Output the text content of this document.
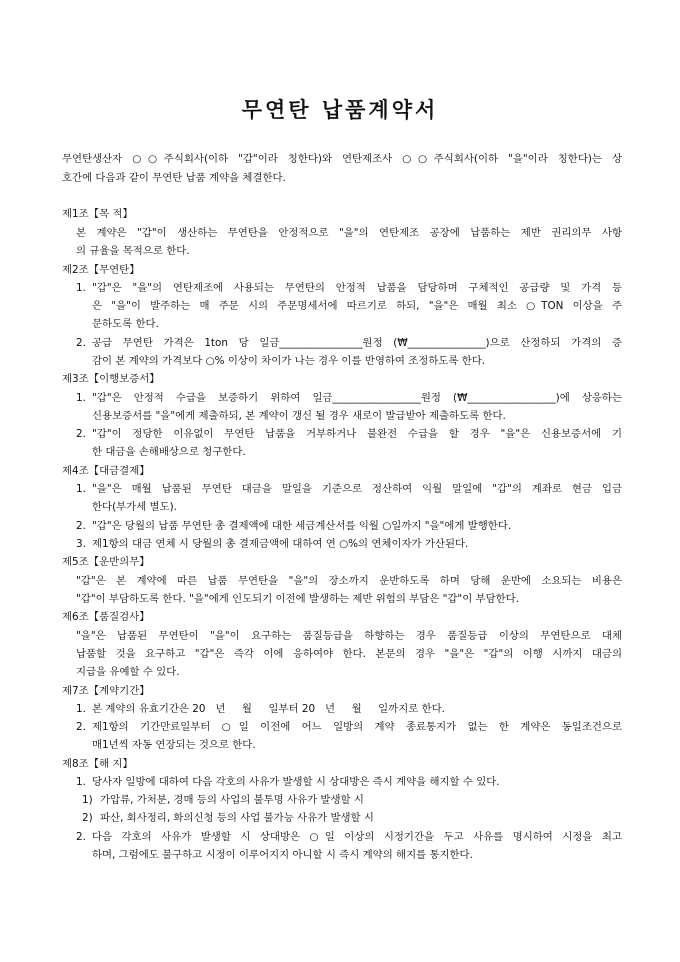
무연탄 납품계약서
무연탄생산자 ○○주식회사(이하 "갑"이라 칭한다)와 연탄제조사 ○○주식회사(이하 "을"이라 칭한다)는 상
호간에 다음과 같이 무연탄 납품 계약을 체결한다.
제1조【목 적】
본 계약은 "갑"이 생산하는 무연탄을 안정적으로 "을"의 연탄제조 공장에 납품하는 제반 권리의무 사항
의 규율을 목적으로 한다.
제2조【무연탄】
1. "갑"은 "을"의 연탄제조에 사용되는 무연탄의 안정적 납품을 담당하며 구체적인 공급량 및 가격 등
은 "을"이 발주하는 매 주문 시의 주문명세서에 따르기로 하되, "을"은 매월 최소 ○TON 이상을 주
문하도록 한다.
2. 공급 무연탄 가격은 1ton 당 일금________________원정 (₩_______________)으로 산정하되 가격의 증
감이 본 계약의 가격보다 ○% 이상이 차이가 나는 경우 이를 반영하여 조정하도록 한다.
제3조【이행보증서】
1. "갑"은 안정적 수급을 보증하기 위하여 일금_________________원정 (₩_________________)에 상응하는
신용보증서를 "을"에게 제출하되, 본 계약이 갱신 될 경우 새로이 발급받아 제출하도록 한다.
2. "갑"이 정당한 이유없이 무연탄 납품을 거부하거나 불완전 수급을 할 경우 "을"은 신용보증서에 기
한 대금을 손해배상으로 청구한다.
제4조【대금결제】
1. "을"은 매월 납품된 무연탄 대금을 말일을 기준으로 정산하여 익월 말일에 "갑"의 계좌로 현금 입금
한다(부가세 별도).
2. "갑"은 당월의 납품 무연탄 총 결제액에 대한 세금계산서를 익월 ○일까지 "을"에게 발행한다.
3. 제1항의 대금 연체 시 당월의 총 결제금액에 대하여 연 ○%의 연체이자가 가산된다.
제5조【운반의무】
"갑"은 본 계약에 따른 납품 무연탄을 "을"의 장소까지 운반하도록 하며 당해 운반에 소요되는 비용은
"갑"이 부담하도록 한다. "을"에게 인도되기 이전에 발생하는 제반 위험의 부담은 "갑"이 부담한다.
제6조【품질검사】
"을"은 납품된 무연탄이 "을"이 요구하는 품질등급을 하향하는 경우 품질등급 이상의 무연탄으로 대체
납품할 것을 요구하고 "갑"은 즉각 이에 응하여야 한다. 본문의 경우 "을"은 "갑"의 이행 시까지 대금의
지급을 유예할 수 있다.
제7조【계약기간】
1. 본 계약의 유효기간은 20   년     월     일부터 20   년     월     일까지로 한다.
2. 제1항의 기간만료일부터 ○일 이전에 어느 일방의 계약 종료통지가 없는 한 계약은 동일조건으로
매1년씩 자동 연장되는 것으로 한다.
제8조【해 지】
1. 당사자 일방에 대하여 다음 각호의 사유가 발생할 시 상대방은 즉시 계약을 해지할 수 있다.
1) 가압류, 가처분, 경매 등의 사업의 불투명 사유가 발생할 시
2) 파산, 회사정리, 화의신청 등의 사업 불가능 사유가 발생할 시
2. 다음 각호의 사유가 발생할 시 상대방은 ○일 이상의 시정기간을 두고 사유를 명시하여 시정을 최고
하며, 그럼에도 불구하고 시정이 이루어지지 아니할 시 즉시 계약의 해지를 통지한다.
